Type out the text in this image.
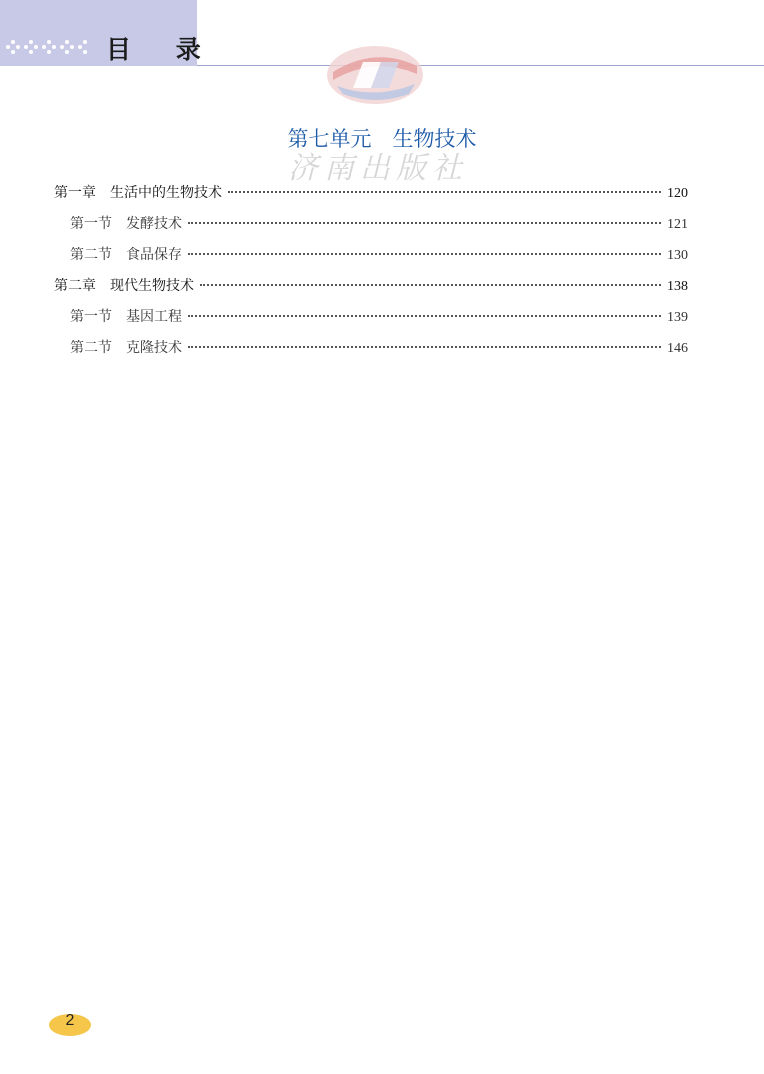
目 录
第七单元　生物技术
济南出版社
第一章　生活中的生物技术	120
第一节　发酵技术	121
第二节　食品保存	130
第二章　现代生物技术	138
第一节　基因工程	139
第二节　克隆技术	146
2
